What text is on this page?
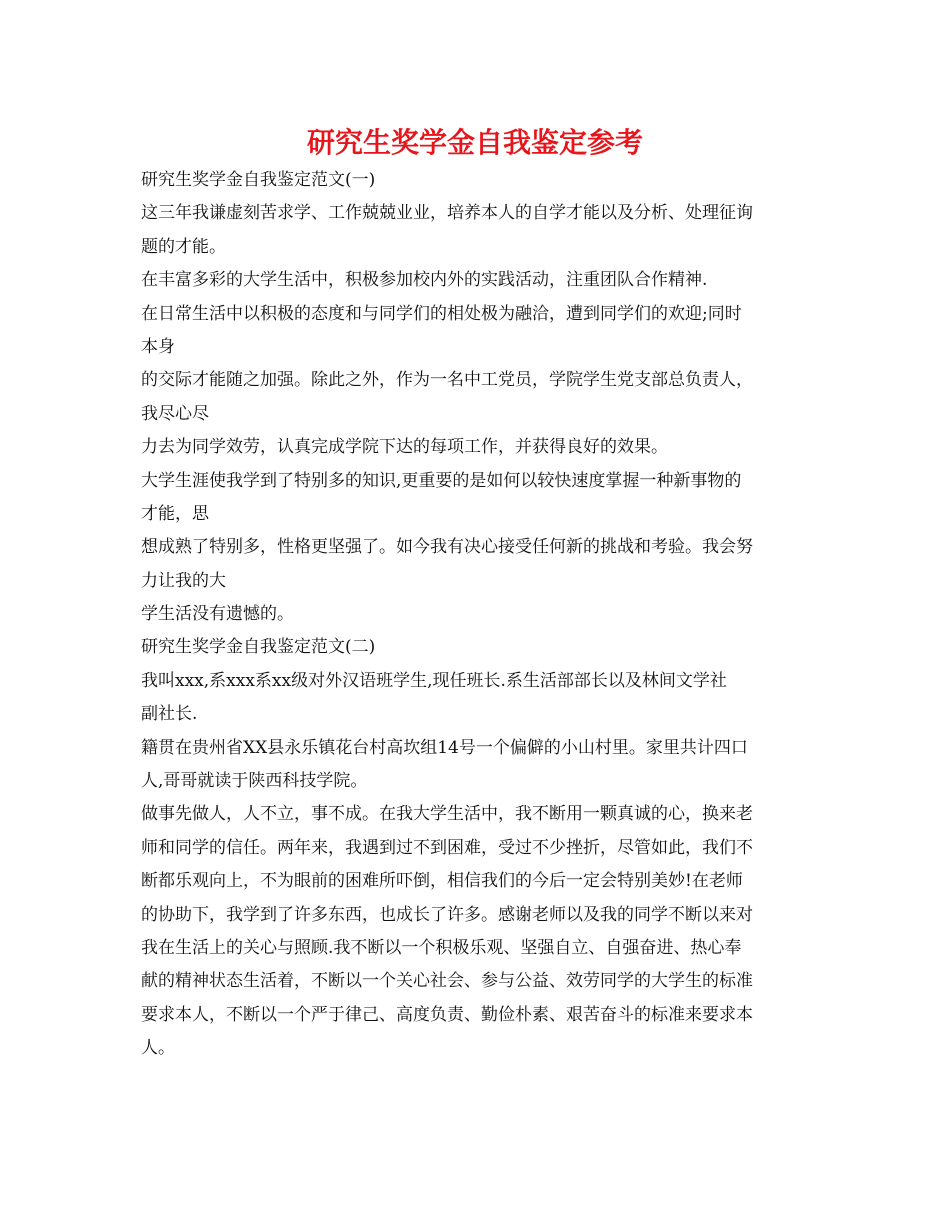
研究生奖学金自我鉴定参考
研究生奖学金自我鉴定范文(一)
这三年我谦虚刻苦求学、工作兢兢业业，培养本人的自学才能以及分析、处理征询
题的才能。
在丰富多彩的大学生活中，积极参加校内外的实践活动，注重团队合作精神.
在日常生活中以积极的态度和与同学们的相处极为融洽，遭到同学们的欢迎;同时
本身
的交际才能随之加强。除此之外，作为一名中工党员，学院学生党支部总负责人，
我尽心尽
力去为同学效劳，认真完成学院下达的每项工作，并获得良好的效果。
大学生涯使我学到了特别多的知识,更重要的是如何以较快速度掌握一种新事物的
才能，思
想成熟了特别多，性格更坚强了。如今我有决心接受任何新的挑战和考验。我会努
力让我的大
学生活没有遗憾的。
研究生奖学金自我鉴定范文(二)
我叫xxx,系xxx系xx级对外汉语班学生,现任班长.系生活部部长以及林间文学社
副社长.
籍贯在贵州省XX县永乐镇花台村高坎组14号一个偏僻的小山村里。家里共计四口
人,哥哥就读于陕西科技学院。
做事先做人，人不立，事不成。在我大学生活中，我不断用一颗真诚的心，换来老
师和同学的信任。两年来，我遇到过不到困难，受过不少挫折，尽管如此，我们不
断都乐观向上，不为眼前的困难所吓倒，相信我们的今后一定会特别美妙!在老师
的协助下，我学到了许多东西，也成长了许多。感谢老师以及我的同学不断以来对
我在生活上的关心与照顾.我不断以一个积极乐观、坚强自立、自强奋进、热心奉
献的精神状态生活着，不断以一个关心社会、参与公益、效劳同学的大学生的标准
要求本人，不断以一个严于律己、高度负责、勤俭朴素、艰苦奋斗的标准来要求本
人。
